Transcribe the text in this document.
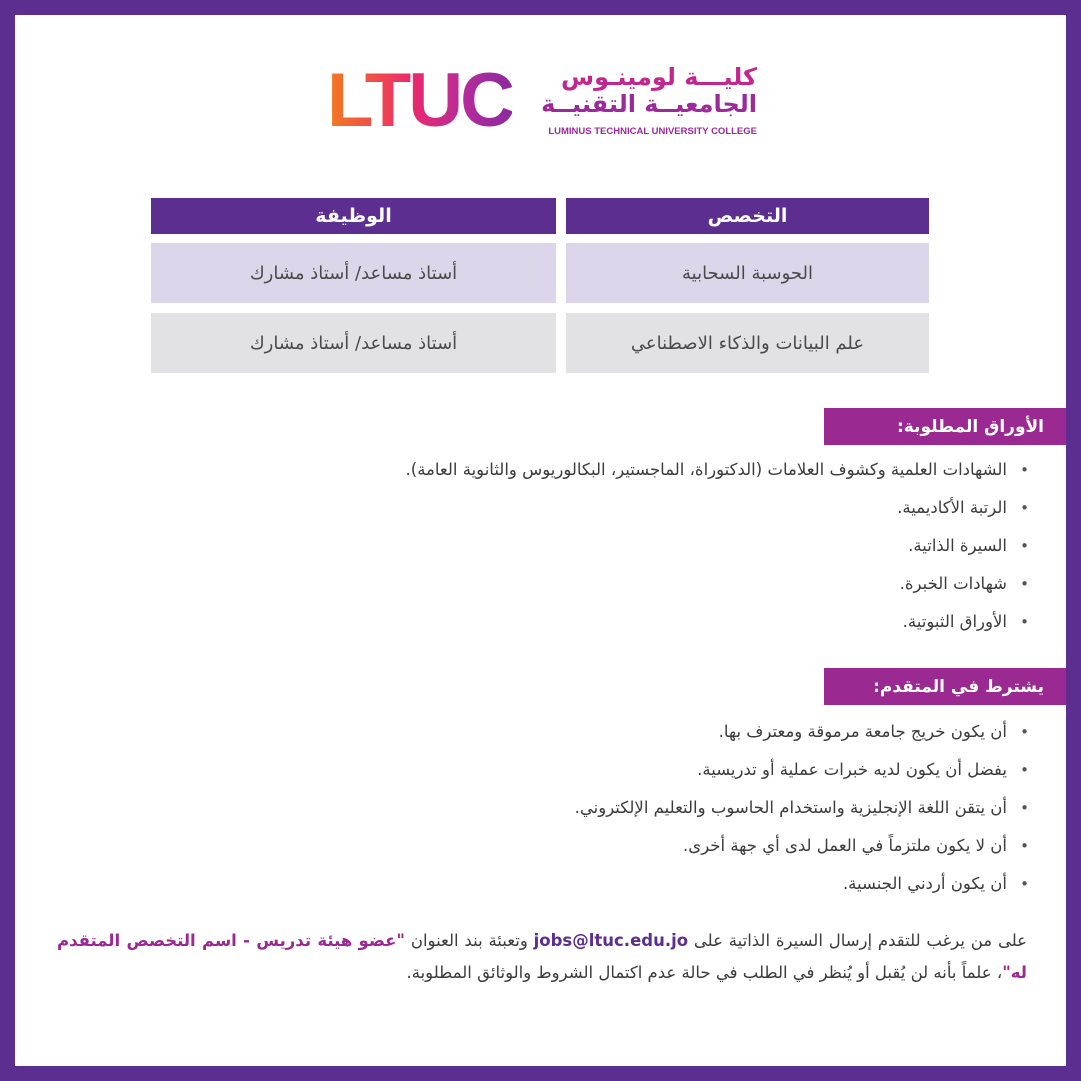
LTUC كليـــة لومينـوس
الجامعيــة التقنيــة
LUMINUS TECHNICAL UNIVERSITY COLLEGE
التخصص
الوظيفة
الحوسبة السحابية
أستاذ مساعد/ أستاذ مشارك
علم البيانات والذكاء الاصطناعي
أستاذ مساعد/ أستاذ مشارك
الأوراق المطلوبة:
• الشهادات العلمية وكشوف العلامات (الدكتوراة، الماجستير، البكالوريوس والثانوية العامة).
• الرتبة الأكاديمية.
• السيرة الذاتية.
• شهادات الخبرة.
• الأوراق الثبوتية.
يشترط في المتقدم:
• أن يكون خريج جامعة مرموقة ومعترف بها.
• يفضل أن يكون لديه خبرات عملية أو تدريسية.
• أن يتقن اللغة الإنجليزية واستخدام الحاسوب والتعليم الإلكتروني.
• أن لا يكون ملتزماً في العمل لدى أي جهة أخرى.
• أن يكون أردني الجنسية.
على من يرغب للتقدم إرسال السيرة الذاتية على jobs@ltuc.edu.jo وتعبئة بند العنوان "عضو هيئة تدريس - اسم التخصص المتقدم له"، علماً بأنه لن يُقبل أو يُنظر في الطلب في حالة عدم اكتمال الشروط والوثائق المطلوبة.
